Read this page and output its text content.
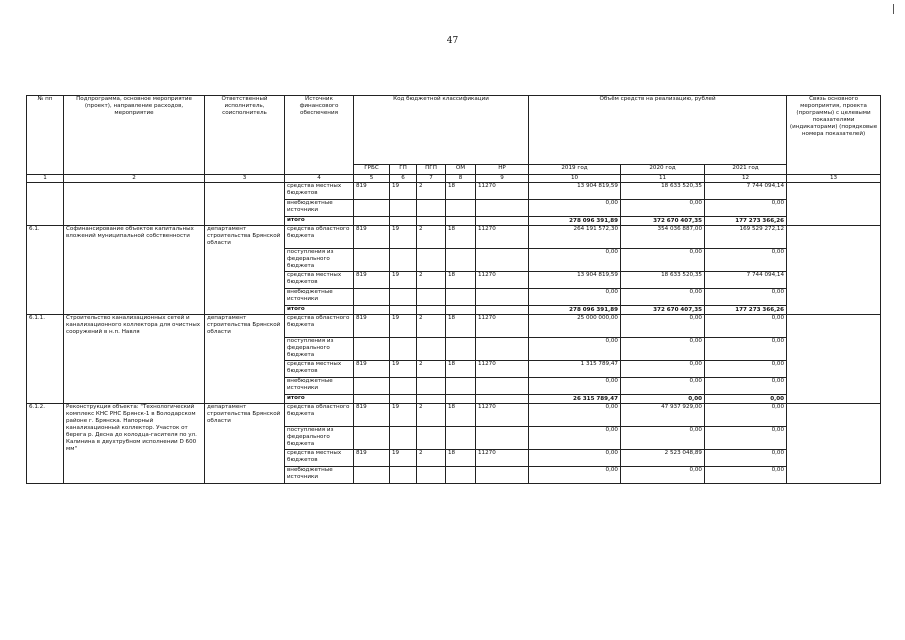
47
№ пп	Подпрограмма, основное мероприятие (проект), направление расходов, мероприятие	Ответственный исполнитель, соисполнитель	Источник финансового обеспечения	Код бюджетной классификации					Объём средств на реализацию, рублей			Связь основного мероприятия, проекта (программы) с целевыми показателями (индикаторами) (порядковые номера показателей)
				ГРБС	ГП	ПГП	ОМ	НР	2019 год	2020 год	2021 год	
1	2	3	4	5	6	7	8	9	10	11	12	13
			средства местных бюджетов	819	19	2	18	11270	13 904 819,59	18 633 520,35	7 744 094,14	
			внебюджетные источники						0,00	0,00	0,00	
			итого						278 096 391,89	372 670 407,35	177 273 366,26	
6.1.	Софинансирование объектов капитальных вложений муниципальной собственности	департамент строительства Брянской области	средства областного бюджета	819	19	2	18	11270	264 191 572,30	354 036 887,00	169 529 272,12	
			поступления из федерального бюджета						0,00	0,00	0,00	
			средства местных бюджетов	819	19	2	18	11270	13 904 819,59	18 633 520,35	7 744 094,14	
			внебюджетные источники						0,00	0,00	0,00	
			итого						278 096 391,89	372 670 407,35	177 273 366,26	
6.1.1.	Строительство канализационных сетей и канализационного коллектора для очистных сооружений в н.п. Навля	департамент строительства Брянской области	средства областного бюджета	819	19	2	18	11270	25 000 000,00	0,00	0,00	
			поступления из федерального бюджета						0,00	0,00	0,00	
			средства местных бюджетов	819	19	2	18	11270	1 315 789,47	0,00	0,00	
			внебюджетные источники						0,00	0,00	0,00	
			итого						26 315 789,47	0,00	0,00	
6.1.2.	Реконструкция объекта: "Технологический комплекс КНС РНС Брянск-1 в Володарском районе г. Брянска. Напорный канализационный коллектор. Участок от берега р. Десна до колодца-гасителя по ул. Калинина в двухтрубном исполнении D 600 мм"	департамент строительства Брянской области	средства областного бюджета	819	19	2	18	11270	0,00	47 937 929,00	0,00	
			поступления из федерального бюджета						0,00	0,00	0,00	
			средства местных бюджетов	819	19	2	18	11270	0,00	2 523 048,89	0,00	
			внебюджетные источники						0,00	0,00	0,00	
